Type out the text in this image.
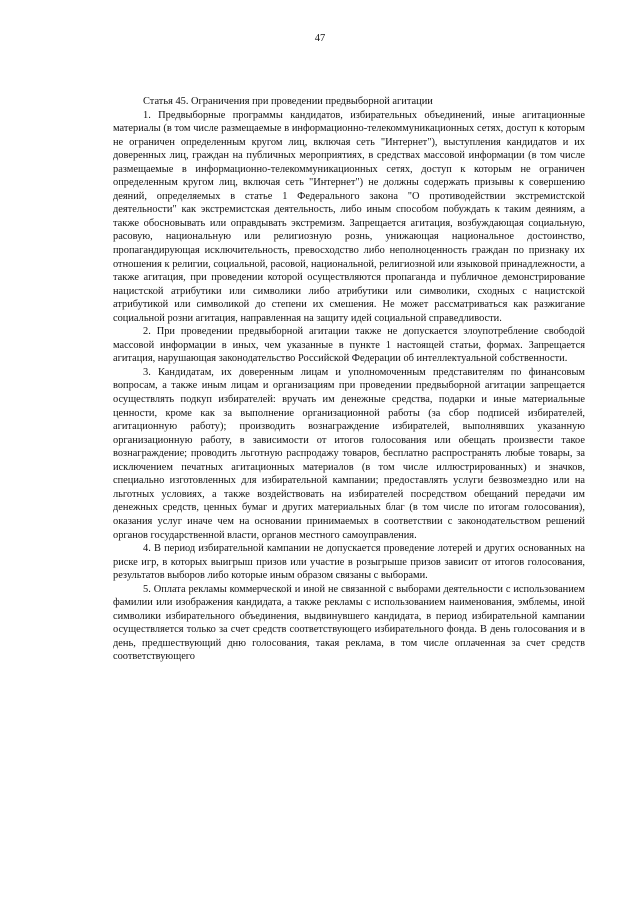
47

Статья 45. Ограничения при проведении предвыборной агитации

1. Предвыборные программы кандидатов, избирательных объединений, иные агитационные материалы (в том числе размещаемые в информационно-телекоммуникационных сетях, доступ к которым не ограничен определенным кругом лиц, включая сеть "Интернет"), выступления кандидатов и их доверенных лиц, граждан на публичных мероприятиях, в средствах массовой информации (в том числе размещаемые в информационно-телекоммуникационных сетях, доступ к которым не ограничен определенным кругом лиц, включая сеть "Интернет") не должны содержать призывы к совершению деяний, определяемых в статье 1 Федерального закона "О противодействии экстремистской деятельности" как экстремистская деятельность, либо иным способом побуждать к таким деяниям, а также обосновывать или оправдывать экстремизм. Запрещается агитация, возбуждающая социальную, расовую, национальную или религиозную рознь, унижающая национальное достоинство, пропагандирующая исключительность, превосходство либо неполноценность граждан по признаку их отношения к религии, социальной, расовой, национальной, религиозной или языковой принадлежности, а также агитация, при проведении которой осуществляются пропаганда и публичное демонстрирование нацистской атрибутики или символики либо атрибутики или символики, сходных с нацистской атрибутикой или символикой до степени их смешения. Не может рассматриваться как разжигание социальной розни агитация, направленная на защиту идей социальной справедливости.

2. При проведении предвыборной агитации также не допускается злоупотребление свободой массовой информации в иных, чем указанные в пункте 1 настоящей статьи, формах. Запрещается агитация, нарушающая законодательство Российской Федерации об интеллектуальной собственности.

3. Кандидатам, их доверенным лицам и уполномоченным представителям по финансовым вопросам, а также иным лицам и организациям при проведении предвыборной агитации запрещается осуществлять подкуп избирателей: вручать им денежные средства, подарки и иные материальные ценности, кроме как за выполнение организационной работы (за сбор подписей избирателей, агитационную работу); производить вознаграждение избирателей, выполнявших указанную организационную работу, в зависимости от итогов голосования или обещать произвести такое вознаграждение; проводить льготную распродажу товаров, бесплатно распространять любые товары, за исключением печатных агитационных материалов (в том числе иллюстрированных) и значков, специально изготовленных для избирательной кампании; предоставлять услуги безвозмездно или на льготных условиях, а также воздействовать на избирателей посредством обещаний передачи им денежных средств, ценных бумаг и других материальных благ (в том числе по итогам голосования), оказания услуг иначе чем на основании принимаемых в соответствии с законодательством решений органов государственной власти, органов местного самоуправления.

4. В период избирательной кампании не допускается проведение лотерей и других основанных на риске игр, в которых выигрыш призов или участие в розыгрыше призов зависит от итогов голосования, результатов выборов либо которые иным образом связаны с выборами.

5. Оплата рекламы коммерческой и иной не связанной с выборами деятельности с использованием фамилии или изображения кандидата, а также рекламы с использованием наименования, эмблемы, иной символики избирательного объединения, выдвинувшего кандидата, в период избирательной кампании осуществляется только за счет средств соответствующего избирательного фонда. В день голосования и в день, предшествующий дню голосования, такая реклама, в том числе оплаченная за счет средств соответствующего
